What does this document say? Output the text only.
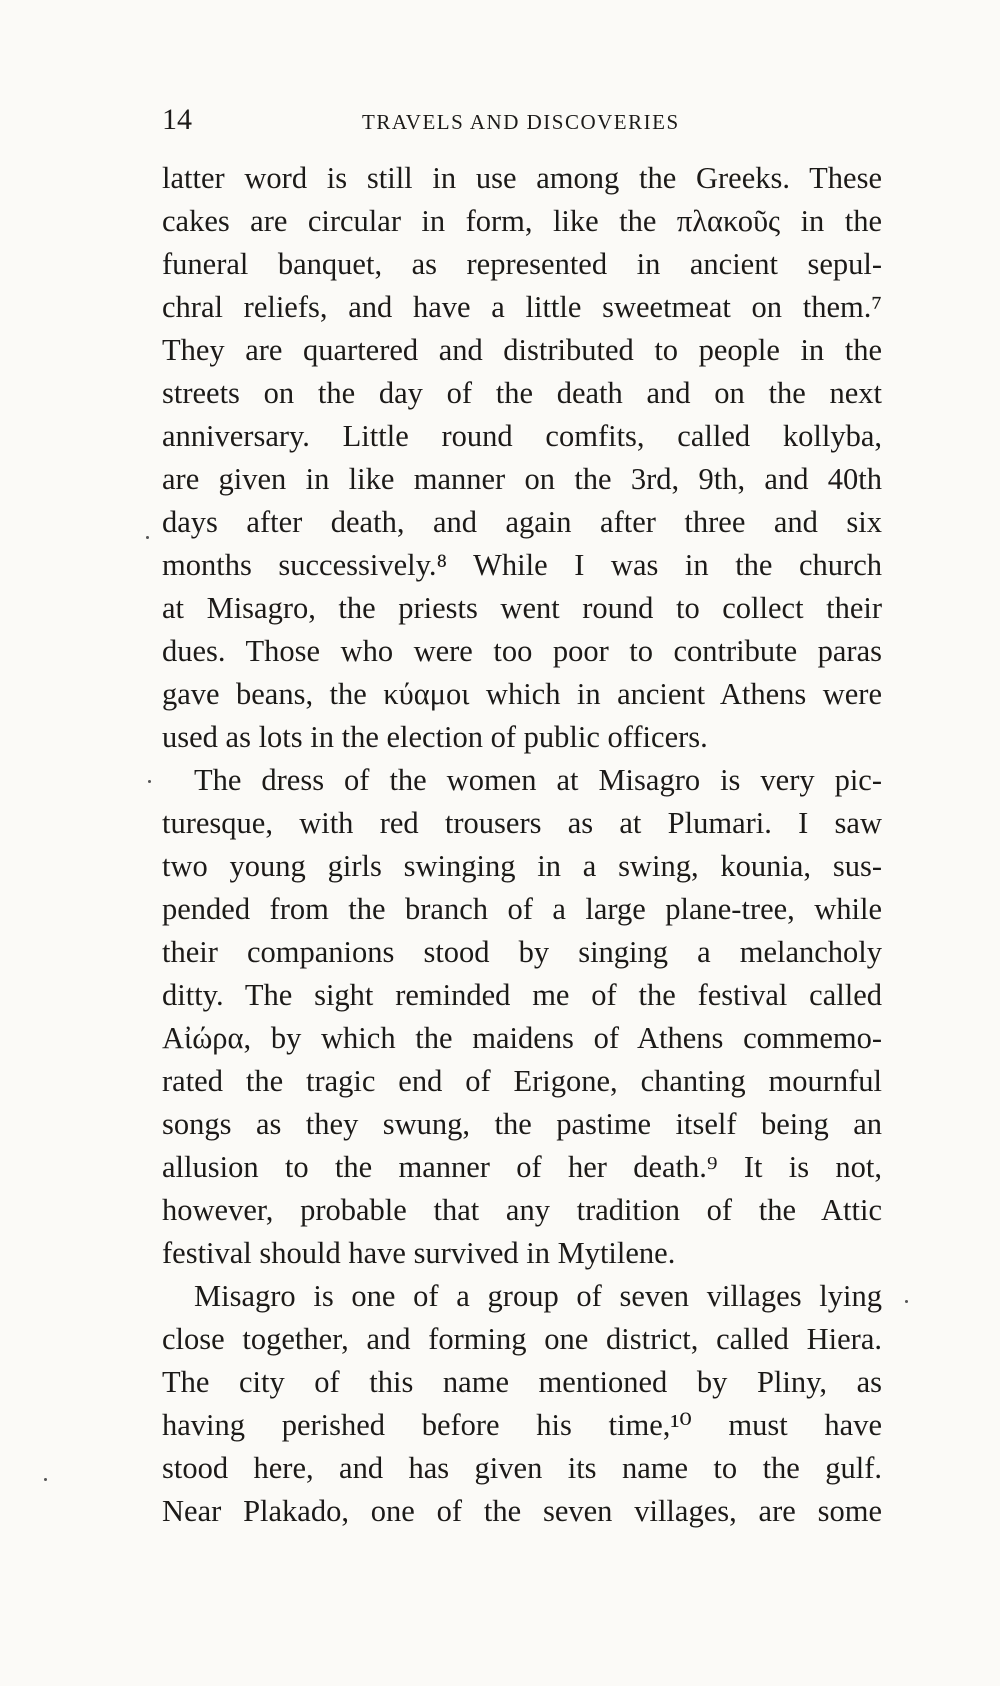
14	TRAVELS AND DISCOVERIES
latter word is still in use among the Greeks. These
cakes are circular in form, like the πλακοῦς in the
funeral banquet, as represented in ancient sepul-
chral reliefs, and have a little sweetmeat on them.⁷
They are quartered and distributed to people in the
streets on the day of the death and on the next
anniversary. Little round comfits, called kollyba,
are given in like manner on the 3rd, 9th, and 40th
days after death, and again after three and six
months successively.⁸ While I was in the church
at Misagro, the priests went round to collect their
dues. Those who were too poor to contribute paras
gave beans, the κύαμοι which in ancient Athens were
used as lots in the election of public officers.
The dress of the women at Misagro is very pic-
turesque, with red trousers as at Plumari. I saw
two young girls swinging in a swing, kounia, sus-
pended from the branch of a large plane-tree, while
their companions stood by singing a melancholy
ditty. The sight reminded me of the festival called
Αἰώρα, by which the maidens of Athens commemo-
rated the tragic end of Erigone, chanting mournful
songs as they swung, the pastime itself being an
allusion to the manner of her death.⁹ It is not,
however, probable that any tradition of the Attic
festival should have survived in Mytilene.
Misagro is one of a group of seven villages lying
close together, and forming one district, called Hiera.
The city of this name mentioned by Pliny, as
having perished before his time,¹⁰ must have
stood here, and has given its name to the gulf.
Near Plakado, one of the seven villages, are some
